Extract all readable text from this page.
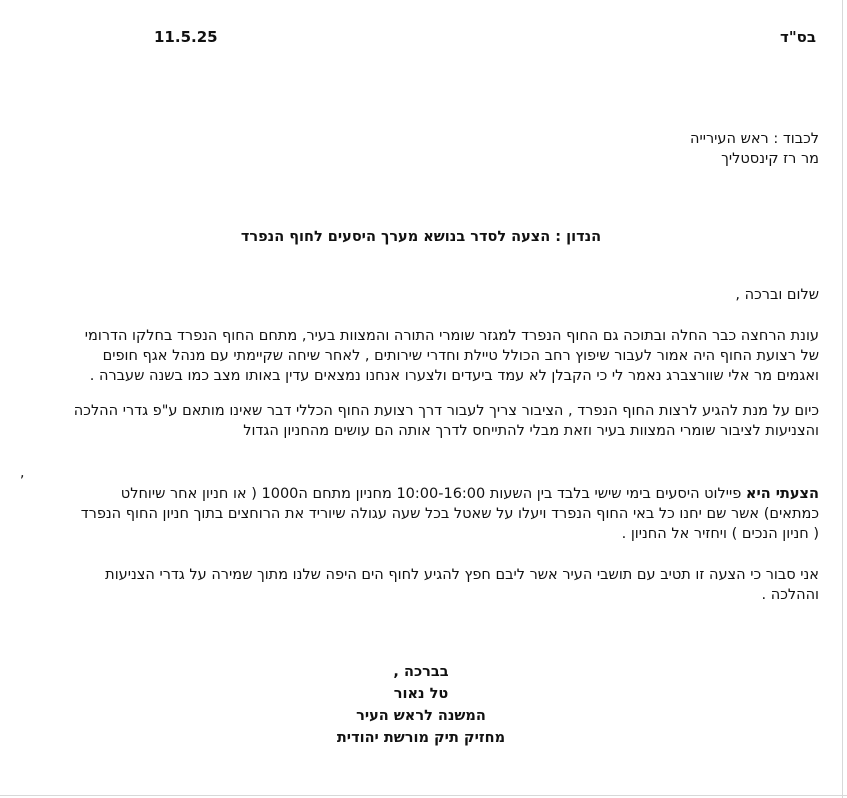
בס"ד
11.5.25
לכבוד : ראש העירייה
מר רז קינסטליך
הנדון : הצעה לסדר בנושא מערך היסעים לחוף הנפרד
שלום וברכה ,
עונת הרחצה כבר החלה ובתוכה גם החוף הנפרד למגזר שומרי התורה והמצוות בעיר, מתחם החוף הנפרד בחלקו הדרומי
של רצועת החוף היה אמור לעבור שיפוץ רחב הכולל טיילת וחדרי שירותים , לאחר שיחה שקיימתי עם מנהל אגף חופים
ואגמים מר אלי שוורצברג נאמר לי כי הקבלן לא עמד ביעדים ולצערו אנחנו נמצאים עדין באותו מצב כמו בשנה שעברה .
כיום על מנת להגיע לרצות החוף הנפרד , הציבור צריך לעבור דרך רצועת החוף הכללי דבר שאינו מותאם ע"פ גדרי ההלכה
והצניעות לציבור שומרי המצוות בעיר וזאת מבלי להתייחס לדרך אותה הם עושים מהחניון הגדול
,
הצעתי היא פיילוט היסעים בימי שישי בלבד בין השעות 10:00-16:00 מחניון מתחם ה1000 ( או חניון אחר שיוחלט
כמתאים) אשר שם יחנו כל באי החוף הנפרד ויעלו על שאטל בכל שעה עגולה שיוריד את הרוחצים בתוך חניון החוף הנפרד
( חניון הנכים ) ויחזיר אל החניון .
אני סבור כי הצעה זו תטיב עם תושבי העיר אשר ליבם חפץ להגיע לחוף הים היפה שלנו מתוך שמירה על גדרי הצניעות
וההלכה .
בברכה ,
טל נאור
המשנה לראש העיר
מחזיק תיק מורשת יהודית
